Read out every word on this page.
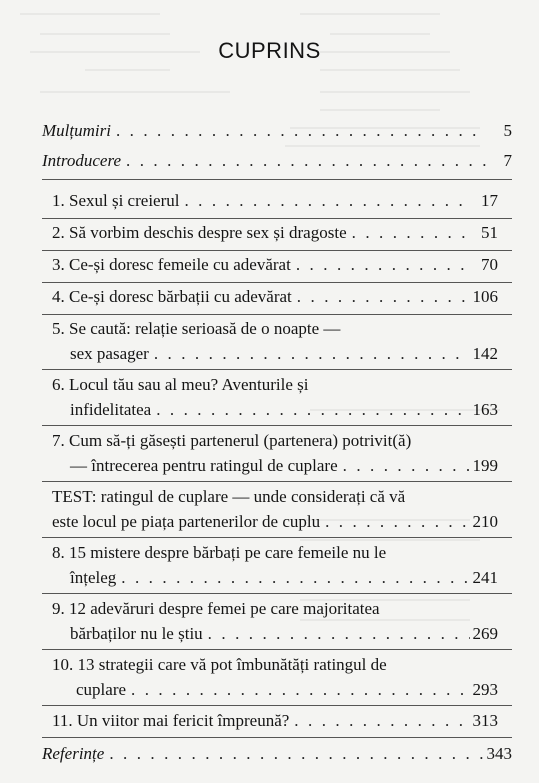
CUPRINS
Mulțumiri . . .	5
Introducere . . .	7
1. Sexul și creierul . . .	17
2. Să vorbim deschis despre sex și dragoste . . .	51
3. Ce-și doresc femeile cu adevărat . . .	70
4. Ce-și doresc bărbații cu adevărat . . .	106
5. Se caută: relație serioasă de o noapte —
sex pasager . . .	142
6. Locul tău sau al meu? Aventurile și
infidelitatea . . .	163
7. Cum să-ți găsești partenerul (partenera) potrivit(ă)
— întrecerea pentru ratingul de cuplare . . .	199
TEST: ratingul de cuplare — unde considerați că vă
este locul pe piața partenerilor de cuplu . . .	210
8. 15 mistere despre bărbați pe care femeile nu le
înțeleg . . .	241
9. 12 adevăruri despre femei pe care majoritatea
bărbaților nu le știu . . .	269
10. 13 strategii care vă pot îmbunătăți ratingul de
cuplare . . .	293
11. Un viitor mai fericit împreună? . . .	313
Referințe . . .	343
